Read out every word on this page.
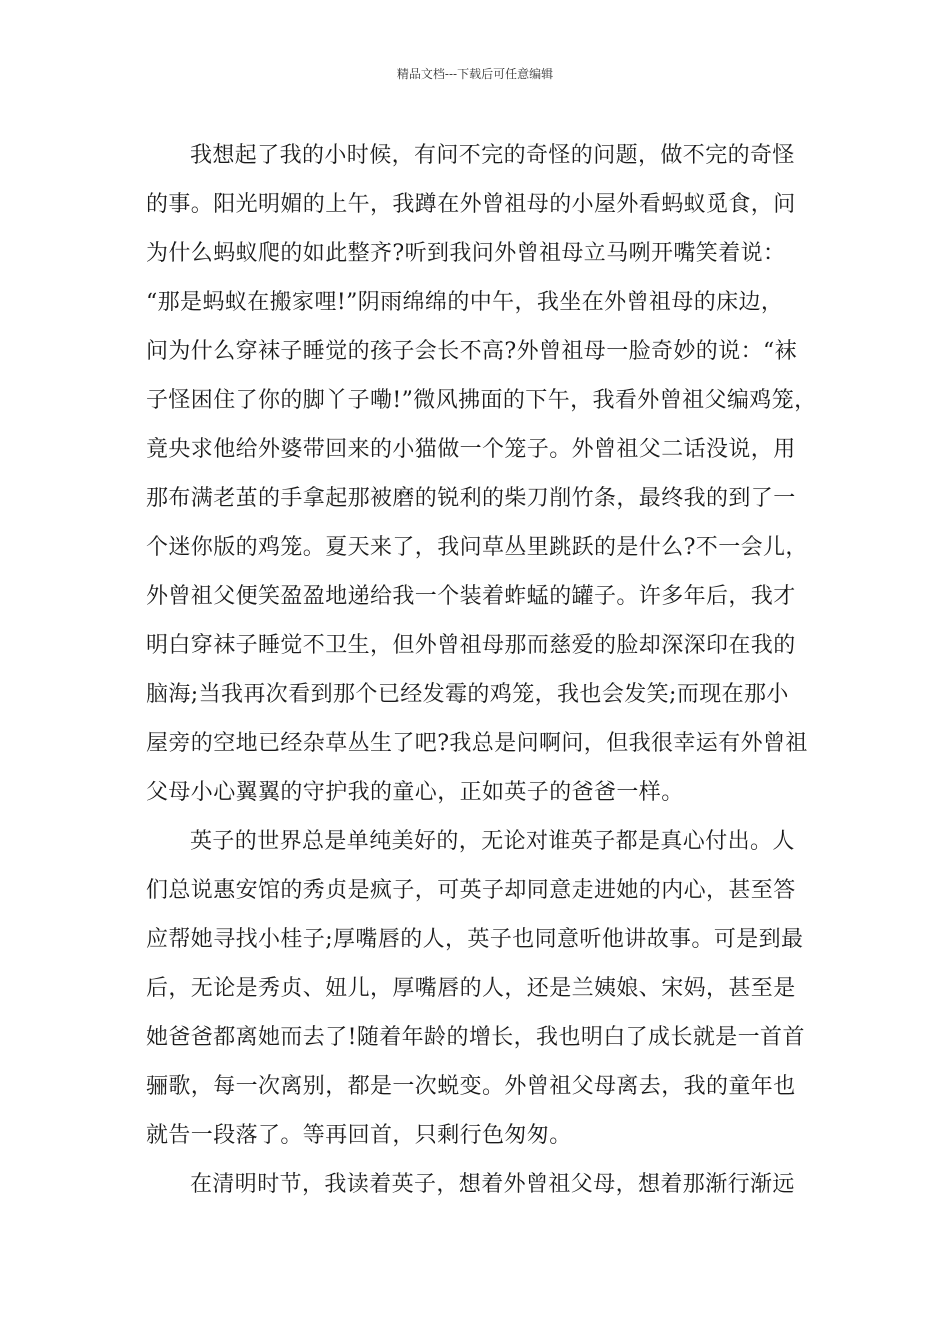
精品文档---下载后可任意编辑
我想起了我的小时候，有问不完的奇怪的问题，做不完的奇怪
的事。阳光明媚的上午，我蹲在外曾祖母的小屋外看蚂蚁觅食，问
为什么蚂蚁爬的如此整齐?听到我问外曾祖母立马咧开嘴笑着说：
“那是蚂蚁在搬家哩!”阴雨绵绵的中午，我坐在外曾祖母的床边，
问为什么穿袜子睡觉的孩子会长不高?外曾祖母一脸奇妙的说：“袜
子怪困住了你的脚丫子嘞!”微风拂面的下午，我看外曾祖父编鸡笼，
竟央求他给外婆带回来的小猫做一个笼子。外曾祖父二话没说，用
那布满老茧的手拿起那被磨的锐利的柴刀削竹条，最终我的到了一
个迷你版的鸡笼。夏天来了，我问草丛里跳跃的是什么?不一会儿，
外曾祖父便笑盈盈地递给我一个装着蚱蜢的罐子。许多年后，我才
明白穿袜子睡觉不卫生，但外曾祖母那而慈爱的脸却深深印在我的
脑海;当我再次看到那个已经发霉的鸡笼，我也会发笑;而现在那小
屋旁的空地已经杂草丛生了吧?我总是问啊问，但我很幸运有外曾祖
父母小心翼翼的守护我的童心，正如英子的爸爸一样。
英子的世界总是单纯美好的，无论对谁英子都是真心付出。人
们总说惠安馆的秀贞是疯子，可英子却同意走进她的内心，甚至答
应帮她寻找小桂子;厚嘴唇的人，英子也同意听他讲故事。可是到最
后，无论是秀贞、妞儿，厚嘴唇的人，还是兰姨娘、宋妈，甚至是
她爸爸都离她而去了!随着年龄的增长，我也明白了成长就是一首首
骊歌，每一次离别，都是一次蜕变。外曾祖父母离去，我的童年也
就告一段落了。等再回首，只剩行色匆匆。
在清明时节，我读着英子，想着外曾祖父母，想着那渐行渐远
